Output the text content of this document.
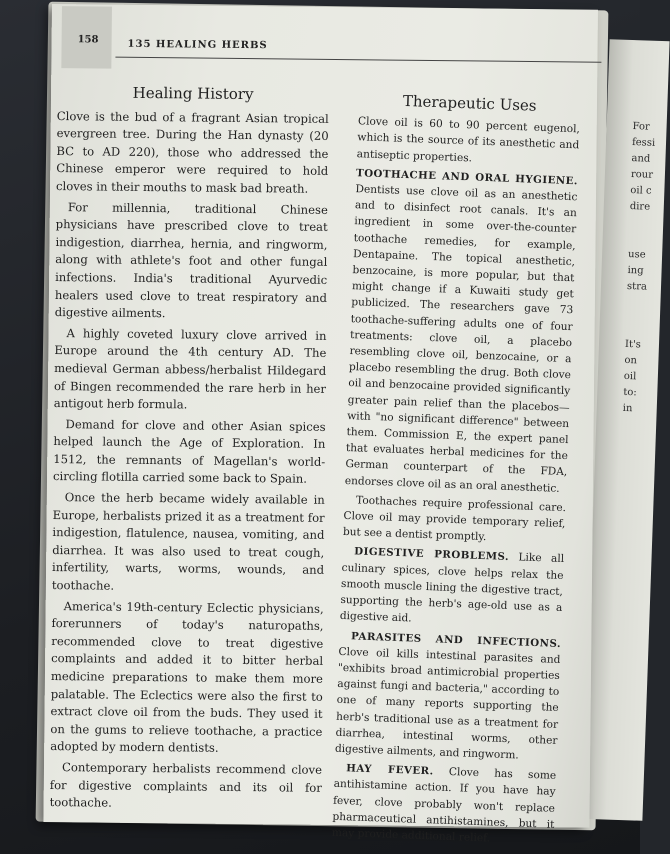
For
fessi
and
rour
oil c
dire
use
ing
stra
It's
on
oil
to:
in
158	135 HEALING HERBS
Healing History

Clove is the bud of a fragrant Asian tropical evergreen tree. During the Han dynasty (20 BC to AD 220), those who addressed the Chinese emperor were required to hold cloves in their mouths to mask bad breath.

For millennia, traditional Chinese physicians have prescribed clove to treat indigestion, diarrhea, hernia, and ringworm, along with athlete's foot and other fungal infections. India's traditional Ayurvedic healers used clove to treat respiratory and digestive ailments.

A highly coveted luxury clove arrived in Europe around the 4th century AD. The medieval German abbess/herbalist Hildegard of Bingen recommended the rare herb in her antigout herb formula.

Demand for clove and other Asian spices helped launch the Age of Exploration. In 1512, the remnants of Magellan's world-circling flotilla carried some back to Spain.

Once the herb became widely available in Europe, herbalists prized it as a treatment for indigestion, flatulence, nausea, vomiting, and diarrhea. It was also used to treat cough, infertility, warts, worms, wounds, and toothache.

America's 19th-century Eclectic physicians, forerunners of today's naturopaths, recommended clove to treat digestive complaints and added it to bitter herbal medicine preparations to make them more palatable. The Eclectics were also the first to extract clove oil from the buds. They used it on the gums to relieve toothache, a practice adopted by modern dentists.

Contemporary herbalists recommend clove for digestive complaints and its oil for toothache.

Therapeutic Uses

Clove oil is 60 to 90 percent eugenol, which is the source of its anesthetic and antiseptic properties.

TOOTHACHE AND ORAL HYGIENE. Dentists use clove oil as an anesthetic and to disinfect root canals. It's an ingredient in some over-the-counter toothache remedies, for example, Dentapaine. The topical anesthetic, benzocaine, is more popular, but that might change if a Kuwaiti study get publicized. The researchers gave 73 toothache-suffering adults one of four treatments: clove oil, a placebo resembling clove oil, benzocaine, or a placebo resembling the drug. Both clove oil and benzocaine provided significantly greater pain relief than the placebos—with "no significant difference" between them. Commission E, the expert panel that evaluates herbal medicines for the German counterpart of the FDA, endorses clove oil as an oral anesthetic.

Toothaches require professional care. Clove oil may provide temporary relief, but see a dentist promptly.

DIGESTIVE PROBLEMS. Like all culinary spices, clove helps relax the smooth muscle lining the digestive tract, supporting the herb's age-old use as a digestive aid.

PARASITES AND INFECTIONS. Clove oil kills intestinal parasites and "exhibits broad antimicrobial properties against fungi and bacteria," according to one of many reports supporting the herb's traditional use as a treatment for diarrhea, intestinal worms, other digestive ailments, and ringworm.

HAY FEVER. Clove has some antihistamine action. If you have hay fever, clove probably won't replace pharmaceutical antihistamines, but it may provide additional relief.
